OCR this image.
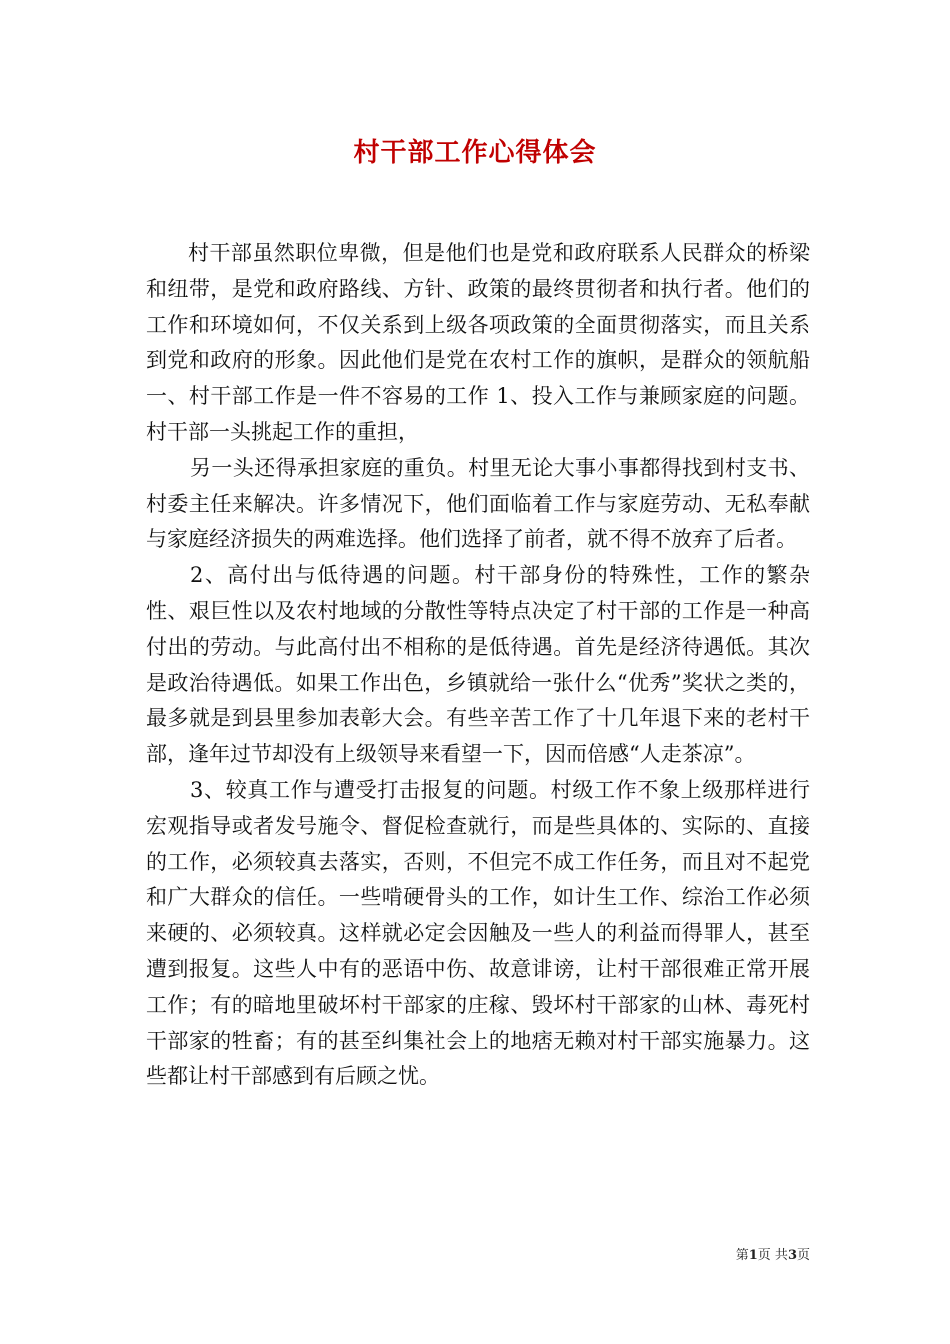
村干部工作心得体会

村干部虽然职位卑微，但是他们也是党和政府联系人民群众的桥梁和纽带，是党和政府路线、方针、政策的最终贯彻者和执行者。他们的工作和环境如何，不仅关系到上级各项政策的全面贯彻落实，而且关系到党和政府的形象。因此他们是党在农村工作的旗帜，是群众的领航船一、村干部工作是一件不容易的工作 1、投入工作与兼顾家庭的问题。村干部一头挑起工作的重担，

另一头还得承担家庭的重负。村里无论大事小事都得找到村支书、村委主任来解决。许多情况下，他们面临着工作与家庭劳动、无私奉献与家庭经济损失的两难选择。他们选择了前者，就不得不放弃了后者。

2、高付出与低待遇的问题。村干部身份的特殊性，工作的繁杂性、艰巨性以及农村地域的分散性等特点决定了村干部的工作是一种高付出的劳动。与此高付出不相称的是低待遇。首先是经济待遇低。其次是政治待遇低。如果工作出色，乡镇就给一张什么“优秀”奖状之类的，最多就是到县里参加表彰大会。有些辛苦工作了十几年退下来的老村干部，逢年过节却没有上级领导来看望一下，因而倍感“人走茶凉”。

3、较真工作与遭受打击报复的问题。村级工作不象上级那样进行宏观指导或者发号施令、督促检查就行，而是些具体的、实际的、直接的工作，必须较真去落实，否则，不但完不成工作任务，而且对不起党和广大群众的信任。一些啃硬骨头的工作，如计生工作、综治工作必须来硬的、必须较真。这样就必定会因触及一些人的利益而得罪人，甚至遭到报复。这些人中有的恶语中伤、故意诽谤，让村干部很难正常开展工作；有的暗地里破坏村干部家的庄稼、毁坏村干部家的山林、毒死村干部家的牲畜；有的甚至纠集社会上的地痞无赖对村干部实施暴力。这些都让村干部感到有后顾之忧。

第1页 共3页
